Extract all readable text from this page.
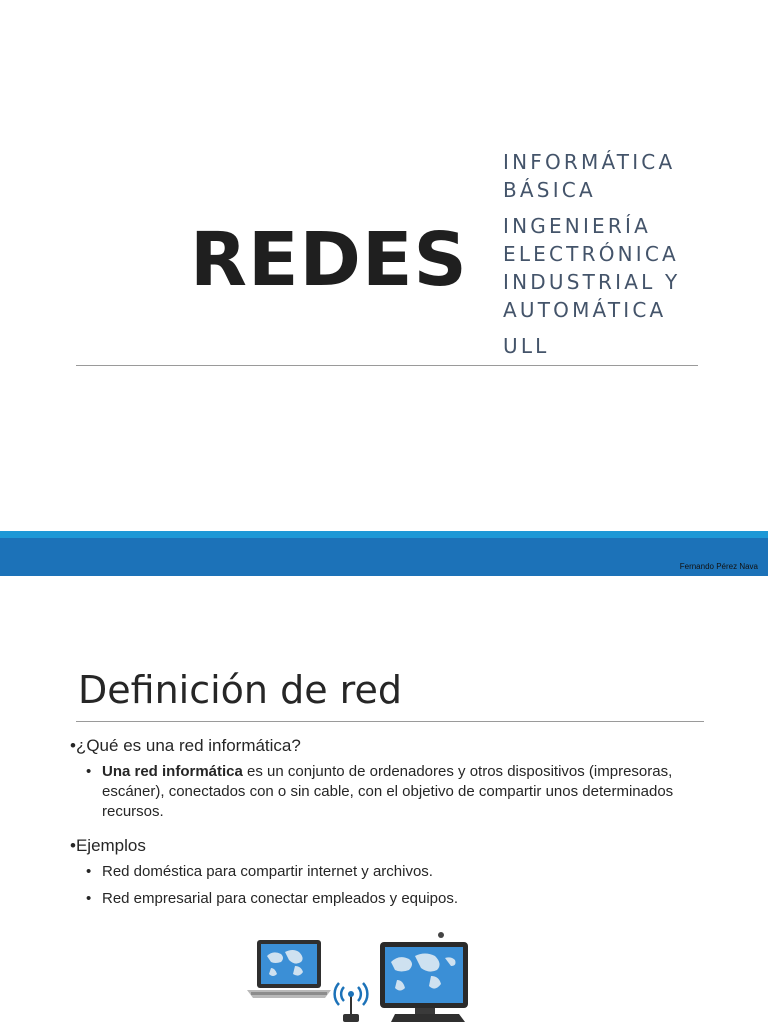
REDES

INFORMÁTICA BÁSICA

INGENIERÍA ELECTRÓNICA INDUSTRIAL Y AUTOMÁTICA

ULL

Fernando Pérez Nava
Definición de red

•¿Qué es una red informática?

• Una red informática es un conjunto de ordenadores y otros dispositivos (impresoras, escáner), conectados con o sin cable, con el objetivo de compartir unos determinados recursos.

•Ejemplos

• Red doméstica para compartir internet y archivos.

• Red empresarial para conectar empleados y equipos.
